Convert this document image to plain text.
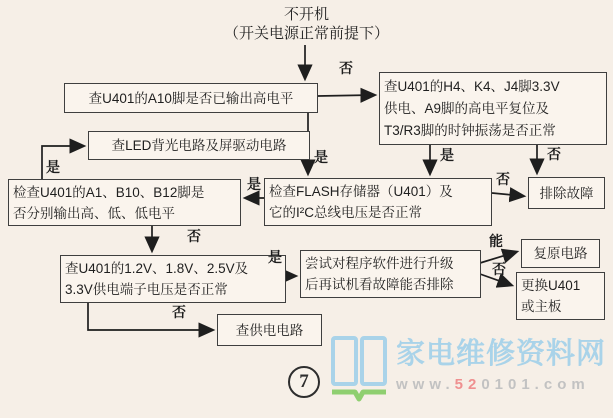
不开机
（开关电源正常前提下）
查U401的A10脚是否已输出高电平
查U401的H4、K4、J4脚3.3V
供电、A9脚的高电平复位及
T3/R3脚的时钟振荡是否正常
查LED背光电路及屏驱动电路
检查U401的A1、B10、B12脚是
否分别输出高、低、低电平
检查FLASH存储器（U401）及
它的I²C总线电压是否正常
排除故障
查U401的1.2V、1.8V、2.5V及
3.3V供电端子电压是否正常
尝试对程序软件进行升级
后再试机看故障能否排除
查供电电路
复原电路
更换U401
或主板
否
是	是	否
否
是
是
否
是
否
能
否
7
家电维修资料网
www.520101.com
